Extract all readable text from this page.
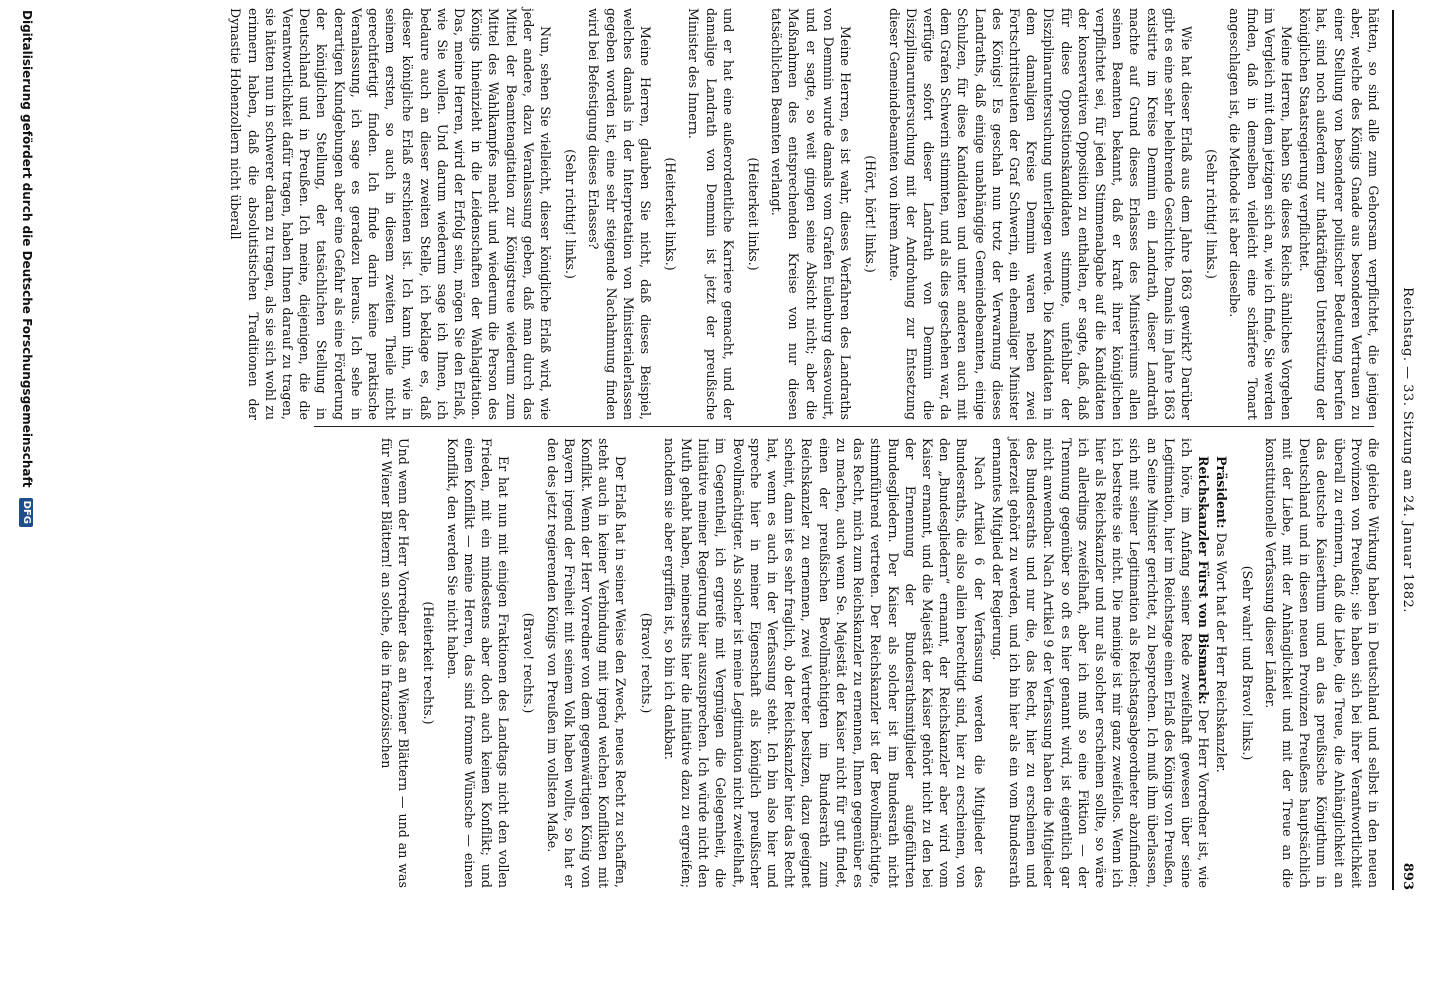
Reichstag. — 33. Sitzung am 24. Januar 1882.
893

hätten, so sind alle zum Gehorsam verpflichtet, die jenigen aber, welche des Königs Gnade aus besonderen Vertrauen zu einer Stellung von besonderer politischer Bedeutung berufen hat, sind noch außerdem zur thatkräftigen Unterstützung der königlichen Staatsregierung verpflichtet.

Meine Herren, haben Sie dieses Reichs ähnliches Vorgehen im Vergleich mit dem jetzigen sich an, wie ich finde, Sie werden finden, daß in demselben vielleicht eine schärfere Tonart angeschlagen ist, die Methode ist aber dieselbe.

(Sehr richtig! links.)

Wie hat dieser Erlaß aus dem Jahre 1863 gewirkt? Darüber gibt es eine sehr belehrende Geschichte. Damals im Jahre 1863 existirte im Kreise Demmin ein Landrath, dieser Landrath machte auf Grund dieses Erlasses des Ministeriums allen seinen Beamten bekannt, daß er kraft ihrer königlichen verpflichtet sei, für jeden Stimmenabgabe auf die Kandidaten der konservativen Opposition zu enthalten, er sagte, daß, daß für diese Oppositionskandidaten stimmte, unfehlbar der Disziplinaruntersuchung unterliegen werde. Die Kandidaten in dem damaligen Kreise Demmin waren neben zwei Fortschrittsleuten der Graf Schwerin, ein ehemaliger Minister des Königs! Es geschah nun trotz der Verwarnung dieses Landraths, daß einige unabhängige Gemeindebeamten, einige Schulzen, für diese Kandidaten und unter anderen auch mit dem Grafen Schwerin stimmten, und als dies geschehen war, da verfügte sofort dieser Landrath von Demmin die Disziplinaruntersuchung mit der Androhung zur Entsetzung dieser Gemeindebeamten von ihrem Amte.

(Hört, hört! links.)

Meine Herren, es ist wahr, dieses Verfahren des Landraths von Demmin wurde damals vom Grafen Eulenburg desavouirt, und er sagte, so weit gingen seine Absicht nicht; aber die Maßnahmen des entsprechenden Kreise von nur diesen tatsächlichen Beamten verlangt.

(Heiterkeit links.)

und er hat eine außerordentliche Karriere gemacht, und der damalige Landrath von Demmin ist jetzt der preußische Minister des Innern.

(Heiterkeit links.)

Meine Herren, glauben Sie nicht, daß dieses Beispiel, welches damals in der Interpretation von Ministerialerlassen gegeben worden ist, eine sehr steigende Nachahmung finden wird bei Befestigung dieses Erlasses?

(Sehr richtig! links.)

Nun, sehen Sie vielleicht, dieser königliche Erlaß wird, wie jeder andere, dazu Veranlassung geben, daß man durch das Mittel der Beamtenagitation zur Königstreue wiederum zum Mittel des Wahlkampfes macht und wiederum die Person des Königs hineinzieht in die Leidenschaften der Wahlagitation. Das, meine Herren, wird der Erfolg sein, mögen Sie den Erlaß, wie Sie wollen. Und darum wiederum sage ich Ihnen, ich bedaure auch an dieser zweiten Stelle, ich beklage es, daß dieser königliche Erlaß erschienen ist. Ich kann ihn, wie in seinem ersten, so auch in diesem zweiten Theile nicht gerechtfertigt finden. Ich finde darin keine praktische Veranlassung, ich sage es geradezu heraus. Ich sehe in derartigen Kundgebungen aber eine Gefahr als eine Förderung der königlichen Stellung, der tatsächlichen Stellung in Deutschland und in Preußen. Ich meine, diejenigen, die die Verantwortlichkeit dafür tragen, haben Ihnen darauf zu tragen, sie hätten nun in schwerer daran zu tragen, als sie sich wohl zu erinnern haben, daß die absolutistischen Traditionen der Dynastie Hohenzollern nicht überall

die gleiche Wirkung haben in Deutschland und selbst in den neuen Provinzen von Preußen; sie haben sich bei ihrer Verantwortlichkeit überall zu erinnern, daß die Liebe, die Treue, die Anhänglichkeit an das deutsche Kaiserthum und an das preußische Königthum in Deutschland und in diesen neuen Provinzen Preußens hauptsächlich mit der Liebe, mit der Anhänglichkeit und mit der Treue an die konstitutionelle Verfassung dieser Länder.

(Sehr wahr! und Bravo! links.)

Präsident: Das Wort hat der Herr Reichskanzler.

Reichskanzler Fürst von Bismarck: Der Herr Vorredner ist, wie ich höre, im Anfang seiner Rede zweifelhaft gewesen über seine Legitimation, hier im Reichstage einen Erlaß des Königs von Preußen, an Seine Minister gerichtet, zu besprechen. Ich muß ihm überlassen, sich mit seiner Legitimation als Reichstagsabgeordneter abzufinden; ich bestreite sie nicht. Die meinige ist mir ganz zweifellos. Wenn ich hier als Reichskanzler und nur als solcher erscheinen sollte, so wäre ich allerdings zweifelhaft, aber ich muß so eine Fiktion — der Trennung gegenüber so oft es hier genannt wird, ist eigentlich gar nicht anwendbar. Nach Artikel 9 der Verfassung haben die Mitglieder des Bundesraths und nur die, das Recht, hier zu erscheinen und jederzeit gehört zu werden, und ich bin hier als ein vom Bundesrath ernanntes Mitglied der Regierung.

Nach Artikel 6 der Verfassung werden die Mitglieder des Bundesraths, die also allein berechtigt sind, hier zu erscheinen, von den „Bundesgliedern“ ernannt, der Reichskanzler aber wird vom Kaiser ernannt, und die Majestät der Kaiser gehört nicht zu den bei der Ernennung der Bundesrathsmitglieder aufgeführten Bundesgliedern. Der Kaiser als solcher ist im Bundesrath nicht stimmführend vertreten. Der Reichskanzler ist der Bevollmächtigte, das Recht, mich zum Reichskanzler zu ernennen, Ihnen gegenüber es zu machen, auch wenn Se. Majestät der Kaiser nicht für gut findet, einen der preußischen Bevollmächtigten im Bundesrath zum Reichskanzler zu ernennen, zwei Vertreter besitzen, dazu geeignet scheint, dann ist es sehr fraglich, ob der Reichskanzler hier das Recht hat, wenn es auch in der Verfassung steht. Ich bin also hier und spreche hier in meiner Eigenschaft als königlich preußischer Bevollmächtigter. Als solcher ist meine Legitimation nicht zweifelhaft, im Gegentheil, ich ergreife mit Vergnügen die Gelegenheit, die Initiative meiner Regierung hier auszusprechen. Ich würde nicht den Muth gehabt haben, meinerseits hier die Initiative dazu zu ergreifen; nachdem sie aber ergriffen ist, so bin ich dankbar.

(Bravo! rechts.)

Der Erlaß hat in seiner Weise den Zweck, neues Recht zu schaffen, steht auch in keiner Verbindung mit irgend welchen Konflikten mit Konflikt. Wenn der Herr Vorredner von dem gegenwärtigen König von Bayern irgend der Freiheit mit seinem Volk haben wollte, so hat er den des jetzt regierenden Königs von Preußen im vollsten Maße.

(Bravo! rechts.)

Er hat nun mit einigen Fraktionen des Landtags nicht den vollen Frieden, mit ein mindestens aber doch auch keinen Konflikt; und einen Konflikt — meine Herren, das sind fromme Wünsche — einen Konflikt, den werden Sie nicht haben.

(Heiterkeit rechts.)

Und wenn der Herr Vorredner das an Wiener Blättern — und an was für Wiener Blättern! an solche, die in französischen

Digitalisierung gefördert durch die Deutsche Forschungsgemeinschaft DFG
